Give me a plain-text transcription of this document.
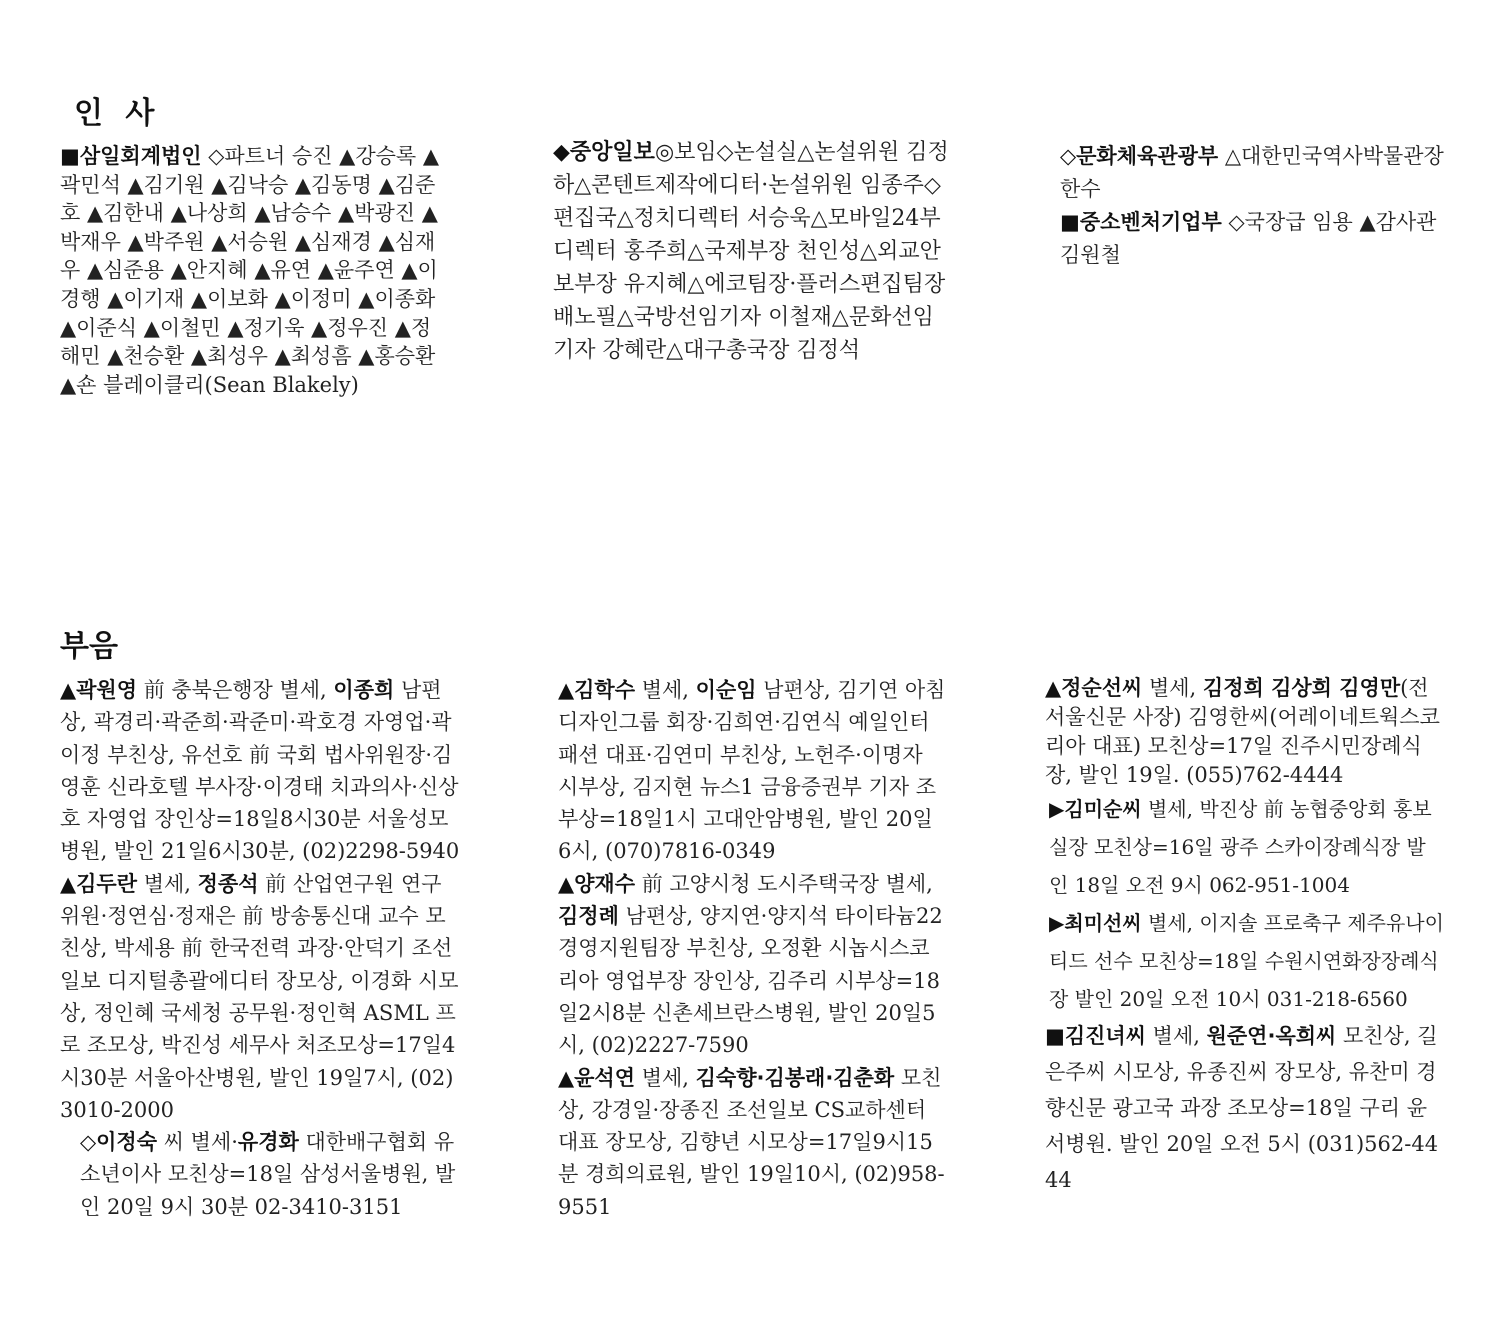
인 사

■삼일회계법인 ◇파트너 승진 ▲강승록 ▲곽민석 ▲김기원 ▲김낙승 ▲김동명 ▲김준호 ▲김한내 ▲나상희 ▲남승수 ▲박광진 ▲박재우 ▲박주원 ▲서승원 ▲심재경 ▲심재우 ▲심준용 ▲안지혜 ▲유연 ▲윤주연 ▲이경행 ▲이기재 ▲이보화 ▲이정미 ▲이종화 ▲이준식 ▲이철민 ▲정기욱 ▲정우진 ▲정해민 ▲천승환 ▲최성우 ▲최성흠 ▲홍승환 ▲숀 블레이클리(Sean Blakely)

◆중앙일보◎보임◇논설실△논설위원 김정하△콘텐트제작에디터·논설위원 임종주◇편집국△정치디렉터 서승욱△모바일24부디렉터 홍주희△국제부장 천인성△외교안보부장 유지혜△에코팀장·플러스편집팀장 배노필△국방선임기자 이철재△문화선임기자 강혜란△대구총국장 김정석

◇문화체육관광부 △대한민국역사박물관장 한수

■중소벤처기업부 ◇국장급 임용 ▲감사관 김원철

부음

▲곽원영 前 충북은행장 별세, 이종희 남편상, 곽경리·곽준희·곽준미·곽호경 자영업·곽이정 부친상, 유선호 前 국회 법사위원장·김영훈 신라호텔 부사장·이경태 치과의사·신상호 자영업 장인상=18일8시30분 서울성모병원, 발인 21일6시30분, (02)2298-5940

▲김두란 별세, 정종석 前 산업연구원 연구위원·정연심·정재은 前 방송통신대 교수 모친상, 박세용 前 한국전력 과장·안덕기 조선일보 디지털총괄에디터 장모상, 이경화 시모상, 정인혜 국세청 공무원·정인혁 ASML 프로 조모상, 박진성 세무사 처조모상=17일4시30분 서울아산병원, 발인 19일7시, (02)3010-2000

◇이정숙 씨 별세·유경화 대한배구협회 유소년이사 모친상=18일 삼성서울병원, 발인 20일 9시 30분 02-3410-3151

▲김학수 별세, 이순임 남편상, 김기연 아침디자인그룹 회장·김희연·김연식 예일인터패션 대표·김연미 부친상, 노헌주·이명자 시부상, 김지현 뉴스1 금융증권부 기자 조부상=18일1시 고대안암병원, 발인 20일6시, (070)7816-0349

▲양재수 前 고양시청 도시주택국장 별세, 김정례 남편상, 양지연·양지석 타이타늄22 경영지원팀장 부친상, 오정환 시놉시스코리아 영업부장 장인상, 김주리 시부상=18일2시8분 신촌세브란스병원, 발인 20일5시, (02)2227-7590

▲윤석연 별세, 김숙향·김봉래·김춘화 모친상, 강경일·장종진 조선일보 CS교하센터 대표 장모상, 김향년 시모상=17일9시15분 경희의료원, 발인 19일10시, (02)958-9551

▲정순선씨 별세, 김정희 김상희 김영만(전 서울신문 사장) 김영한씨(어레이네트웍스코리아 대표) 모친상=17일 진주시민장례식장, 발인 19일. (055)762-4444

▶김미순씨 별세, 박진상 前 농협중앙회 홍보실장 모친상=16일 광주 스카이장례식장 발인 18일 오전 9시 062-951-1004

▶최미선씨 별세, 이지솔 프로축구 제주유나이티드 선수 모친상=18일 수원시연화장장례식장 발인 20일 오전 10시 031-218-6560

■김진녀씨 별세, 원준연·옥희씨 모친상, 길은주씨 시모상, 유종진씨 장모상, 유찬미 경향신문 광고국 과장 조모상=18일 구리 윤서병원. 발인 20일 오전 5시 (031)562-4444
